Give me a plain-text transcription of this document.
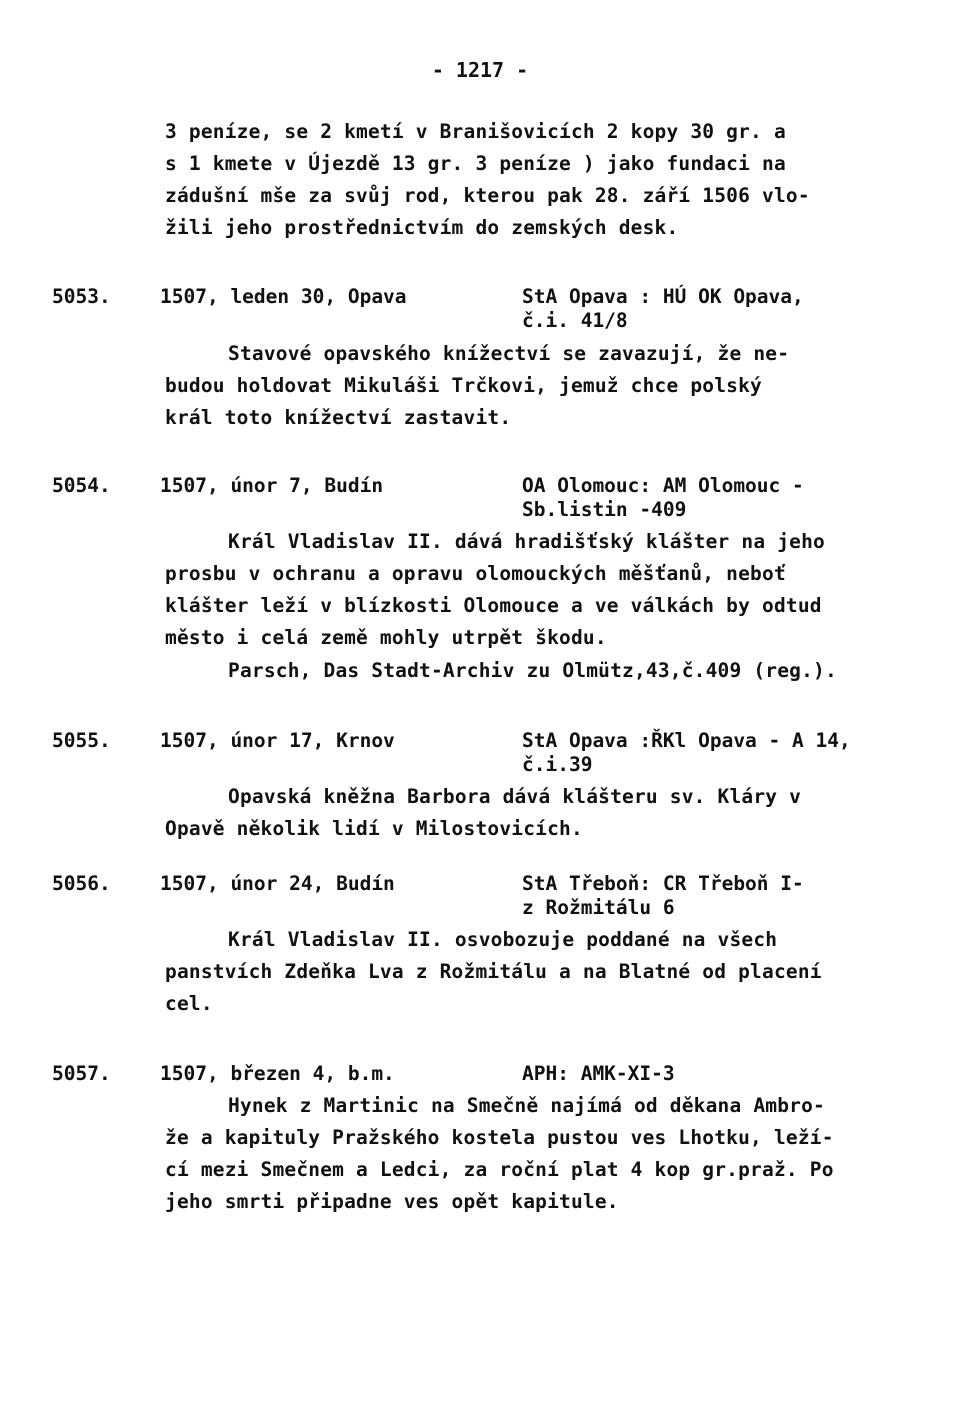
- 1217 -
3 peníze, se 2 kmetí v Branišovicích 2 kopy 30 gr. a
s 1 kmete v Újezdě 13 gr. 3 peníze ) jako fundaci na
zádušní mše za svůj rod, kterou pak 28. září 1506 vlo-
žili jeho prostřednictvím do zemských desk.
5053.	1507, leden 30, Opava	StA Opava : HÚ OK Opava,
č.i. 41/8
Stavové opavského knížectví se zavazují, že ne-
budou holdovat Mikuláši Trčkovi, jemuž chce polský
král toto knížectví zastavit.
5054.	1507, únor 7, Budín	OA Olomouc: AM Olomouc -
Sb.listin -409
Král Vladislav II. dává hradišťský klášter na jeho
prosbu v ochranu a opravu olomouckých měšťanů, neboť
klášter leží v blízkosti Olomouce a ve válkách by odtud
město i celá země mohly utrpět škodu.
Parsch, Das Stadt-Archiv zu Olmütz,43,č.409 (reg.).
5055.	1507, únor 17, Krnov	StA Opava :ŘKl Opava - A 14,
č.i.39
Opavská kněžna Barbora dává klášteru sv. Kláry v
Opavě několik lidí v Milostovicích.
5056.	1507, únor 24, Budín	StA Třeboň: CR Třeboň I-
z Rožmitálu 6
Král Vladislav II. osvobozuje poddané na všech
panstvích Zdeňka Lva z Rožmitálu a na Blatné od placení
cel.
5057.	1507, březen 4, b.m.	APH: AMK-XI-3
Hynek z Martinic na Smečně najímá od děkana Ambro-
že a kapituly Pražského kostela pustou ves Lhotku, leží-
cí mezi Smečnem a Ledci, za roční plat 4 kop gr.praž. Po
jeho smrti připadne ves opět kapitule.
